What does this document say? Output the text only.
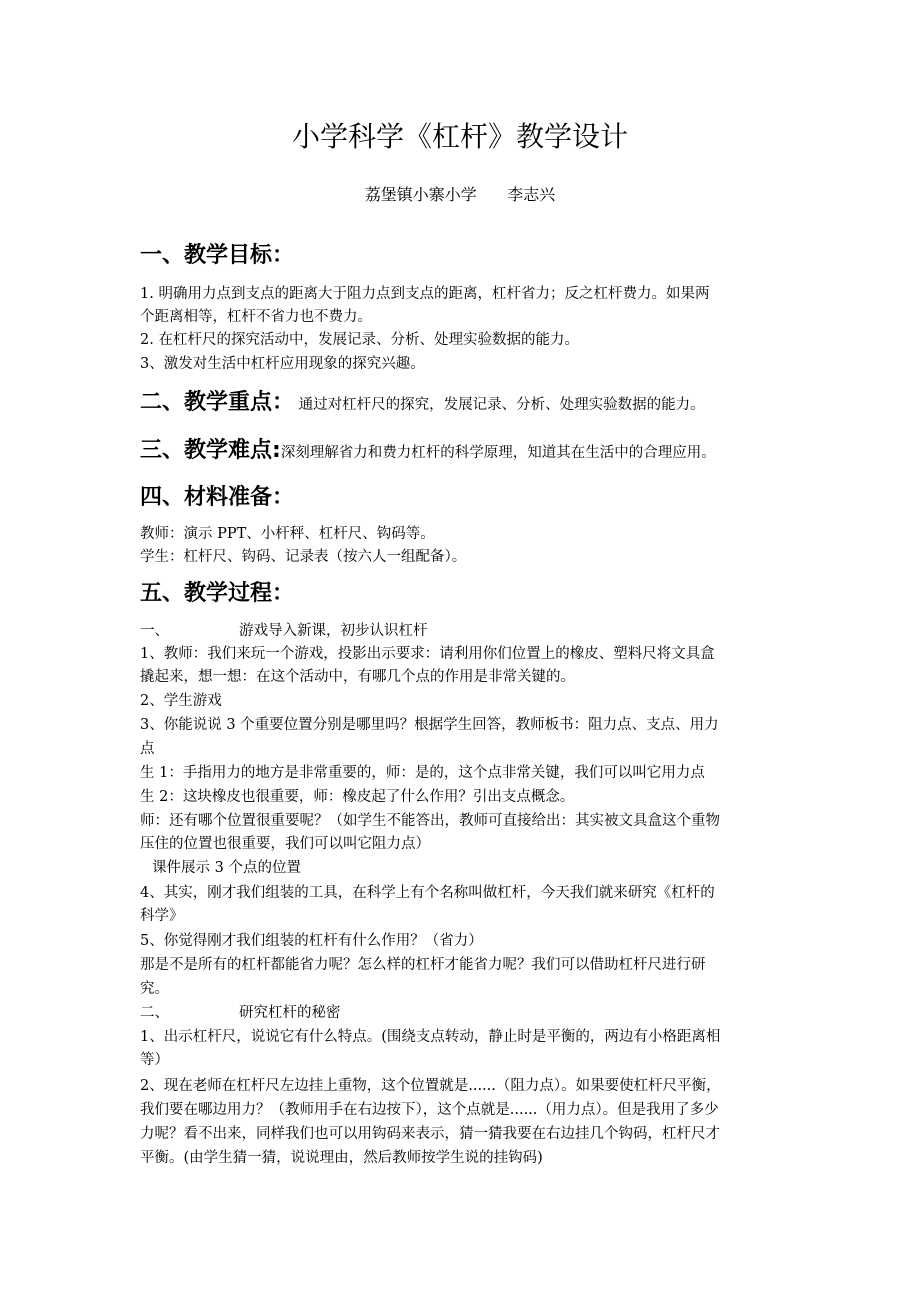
小学科学《杠杆》教学设计
荔堡镇小寨小学      李志兴
一、教学目标：
1. 明确用力点到支点的距离大于阻力点到支点的距离，杠杆省力；反之杠杆费力。如果两
个距离相等，杠杆不省力也不费力。
2. 在杠杆尺的探究活动中，发展记录、分析、处理实验数据的能力。
3、激发对生活中杠杆应用现象的探究兴趣。
二、教学重点： 通过对杠杆尺的探究，发展记录、分析、处理实验数据的能力。
三、教学难点:深刻理解省力和费力杠杆的科学原理，知道其在生活中的合理应用。
四、材料准备：
教师：演示 PPT、小杆秤、杠杆尺、钩码等。
学生：杠杆尺、钩码、记录表（按六人一组配备）。
五、教学过程：
一、	游戏导入新课，初步认识杠杆
1、教师：我们来玩一个游戏，投影出示要求：请利用你们位置上的橡皮、塑料尺将文具盒
撬起来，想一想：在这个活动中，有哪几个点的作用是非常关键的。
2、学生游戏
3、你能说说 3 个重要位置分别是哪里吗？根据学生回答，教师板书：阻力点、支点、用力
点
生 1：手指用力的地方是非常重要的，师：是的，这个点非常关键，我们可以叫它用力点
生 2：这块橡皮也很重要，师：橡皮起了什么作用？引出支点概念。
师：还有哪个位置很重要呢？（如学生不能答出，教师可直接给出：其实被文具盒这个重物
压住的位置也很重要，我们可以叫它阻力点）
课件展示 3 个点的位置
4、其实，刚才我们组装的工具，在科学上有个名称叫做杠杆，今天我们就来研究《杠杆的
科学》
5、你觉得刚才我们组装的杠杆有什么作用？（省力）
那是不是所有的杠杆都能省力呢？怎么样的杠杆才能省力呢？我们可以借助杠杆尺进行研
究。
二、	研究杠杆的秘密
1、出示杠杆尺，说说它有什么特点。(围绕支点转动，静止时是平衡的，两边有小格距离相
等）
2、现在老师在杠杆尺左边挂上重物，这个位置就是......（阻力点）。如果要使杠杆尺平衡，
我们要在哪边用力？（教师用手在右边按下），这个点就是......（用力点）。但是我用了多少
力呢？看不出来，同样我们也可以用钩码来表示，猜一猜我要在右边挂几个钩码，杠杆尺才
平衡。(由学生猜一猜，说说理由，然后教师按学生说的挂钩码)
